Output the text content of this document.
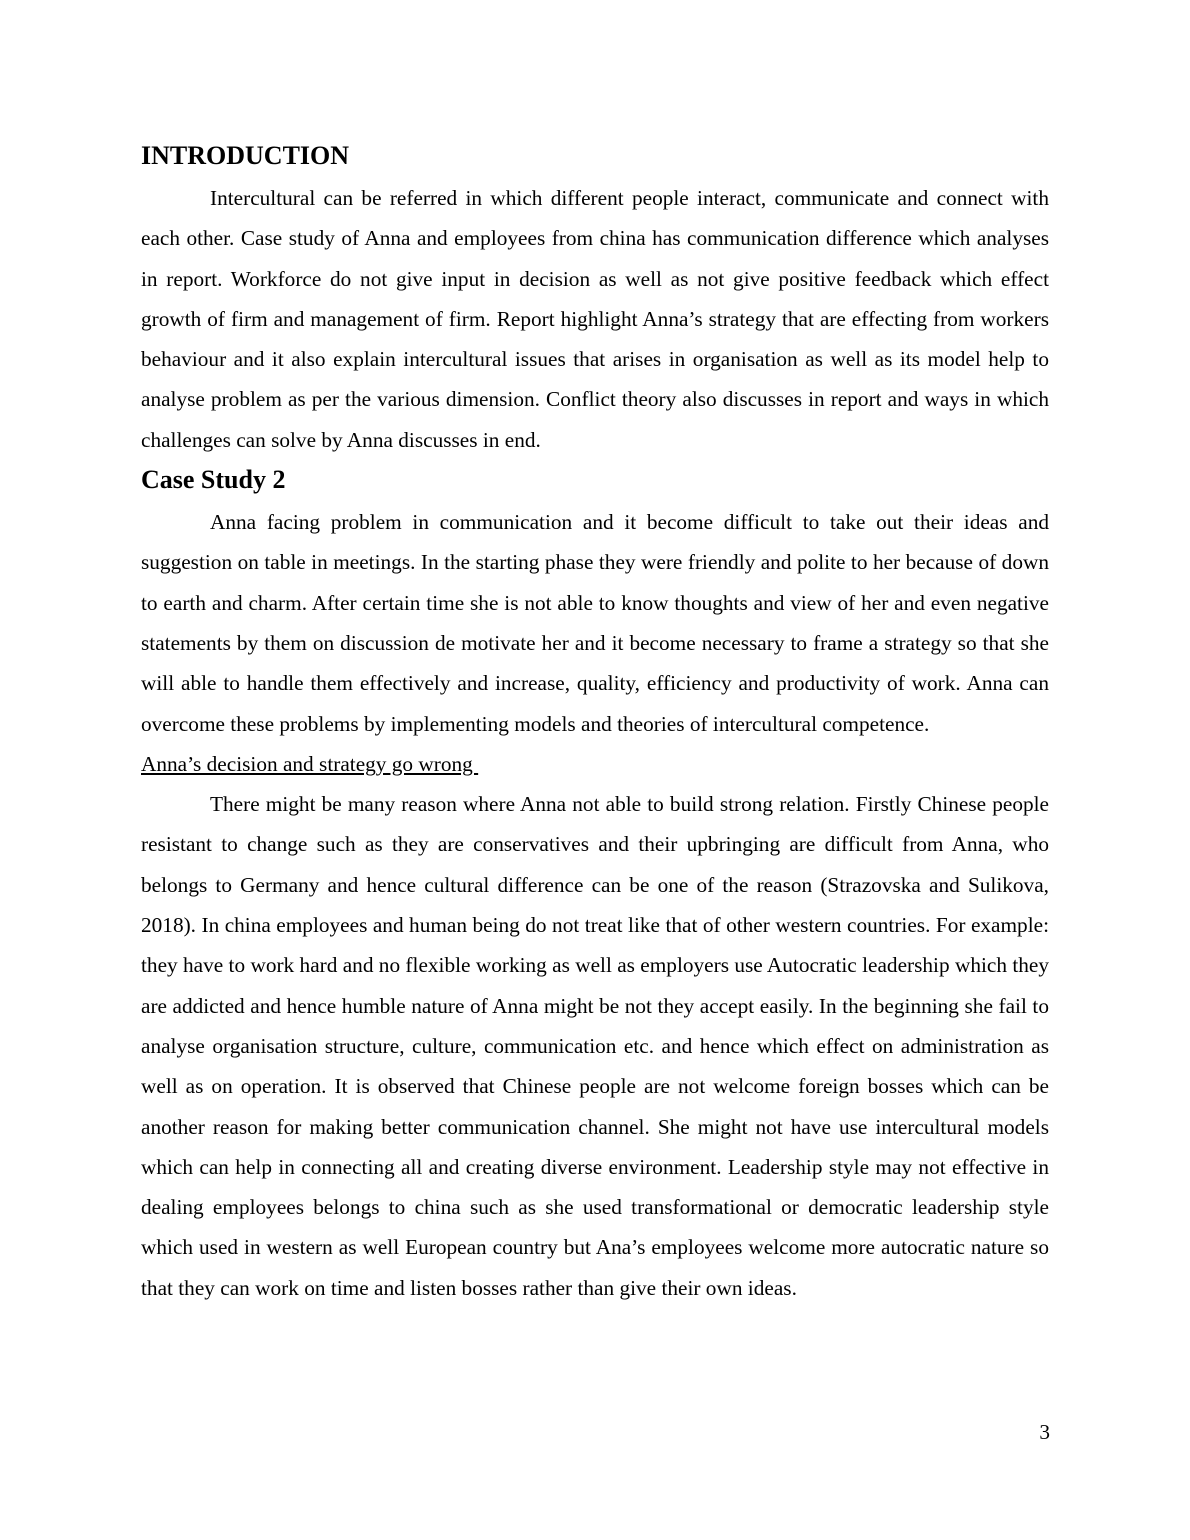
INTRODUCTION

Intercultural can be referred in which different people interact, communicate and connect with each other. Case study of Anna and employees from china has communication difference which analyses in report. Workforce do not give input in decision as well as not give positive feedback which effect growth of firm and management of firm. Report highlight Anna’s strategy that are effecting from workers behaviour and it also explain intercultural issues that arises in organisation as well as its model help to analyse problem as per the various dimension. Conflict theory also discusses in report and ways in which challenges can solve by Anna discusses in end.

Case Study 2

Anna facing problem in communication and it become difficult to take out their ideas and suggestion on table in meetings. In the starting phase they were friendly and polite to her because of down to earth and charm. After certain time she is not able to know thoughts and view of her and even negative statements by them on discussion de motivate her and it become necessary to frame a strategy so that she will able to handle them effectively and increase, quality, efficiency and productivity of work. Anna can overcome these problems by implementing models and theories of intercultural competence.

Anna’s decision and strategy go wrong

There might be many reason where Anna not able to build strong relation. Firstly Chinese people resistant to change such as they are conservatives and their upbringing are difficult from Anna, who belongs to Germany and hence cultural difference can be one of the reason (Strazovska and Sulikova, 2018). In china employees and human being do not treat like that of other western countries. For example: they have to work hard and no flexible working as well as employers use Autocratic leadership which they are addicted and hence humble nature of Anna might be not they accept easily. In the beginning she fail to analyse organisation structure, culture, communication etc. and hence which effect on administration as well as on operation. It is observed that Chinese people are not welcome foreign bosses which can be another reason for making better communication channel. She might not have use intercultural models which can help in connecting all and creating diverse environment. Leadership style may not effective in dealing employees belongs to china such as she used transformational or democratic leadership style which used in western as well European country but Ana’s employees welcome more autocratic nature so that they can work on time and listen bosses rather than give their own ideas.

3
